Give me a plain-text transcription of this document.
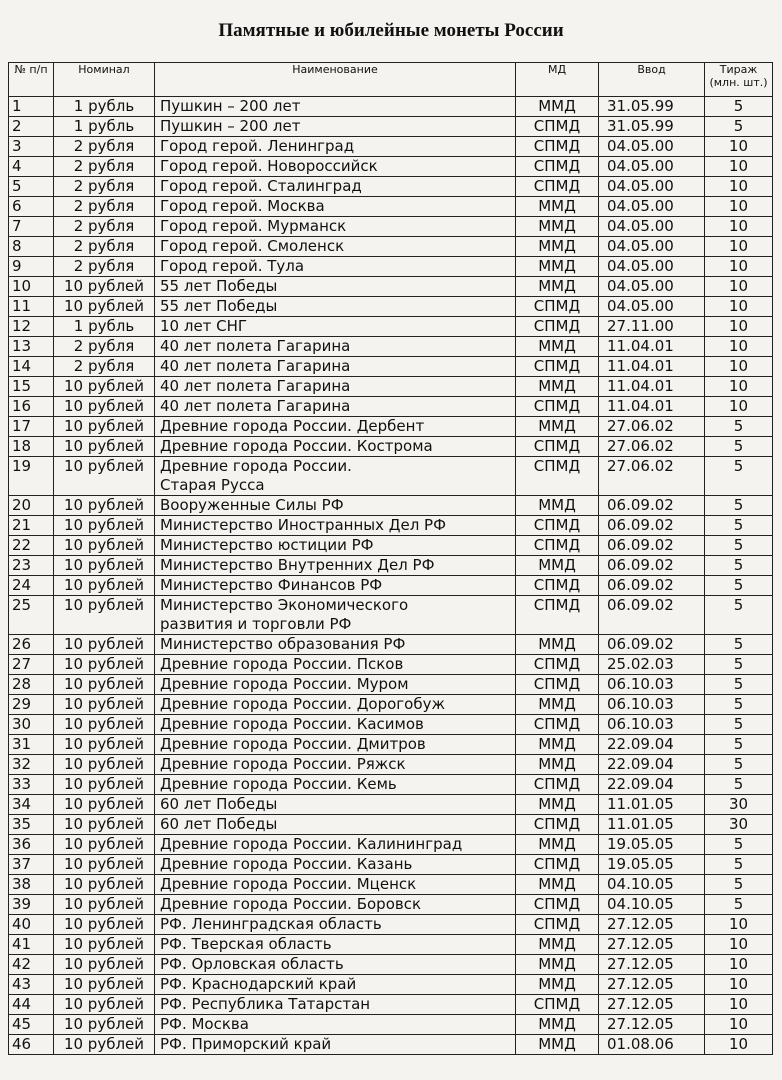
Памятные и юбилейные монеты России
№ п/п	Номинал	Наименование	МД	Ввод	Тираж (млн. шт.)
1	1 рубль	Пушкин – 200 лет	ММД	31.05.99	5
2	1 рубль	Пушкин – 200 лет	СПМД	31.05.99	5
3	2 рубля	Город герой. Ленинград	СПМД	04.05.00	10
4	2 рубля	Город герой. Новороссийск	СПМД	04.05.00	10
5	2 рубля	Город герой. Сталинград	СПМД	04.05.00	10
6	2 рубля	Город герой. Москва	ММД	04.05.00	10
7	2 рубля	Город герой. Мурманск	ММД	04.05.00	10
8	2 рубля	Город герой. Смоленск	ММД	04.05.00	10
9	2 рубля	Город герой. Тула	ММД	04.05.00	10
10	10 рублей	55 лет Победы	ММД	04.05.00	10
11	10 рублей	55 лет Победы	СПМД	04.05.00	10
12	1 рубль	10 лет СНГ	СПМД	27.11.00	10
13	2 рубля	40 лет полета Гагарина	ММД	11.04.01	10
14	2 рубля	40 лет полета Гагарина	СПМД	11.04.01	10
15	10 рублей	40 лет полета Гагарина	ММД	11.04.01	10
16	10 рублей	40 лет полета Гагарина	СПМД	11.04.01	10
17	10 рублей	Древние города России. Дербент	ММД	27.06.02	5
18	10 рублей	Древние города России. Кострома	СПМД	27.06.02	5
19	10 рублей	Древние города России.
Старая Русса	СПМД	27.06.02	5
20	10 рублей	Вооруженные Силы РФ	ММД	06.09.02	5
21	10 рублей	Министерство Иностранных Дел РФ	СПМД	06.09.02	5
22	10 рублей	Министерство юстиции РФ	СПМД	06.09.02	5
23	10 рублей	Министерство Внутренних Дел РФ	ММД	06.09.02	5
24	10 рублей	Министерство Финансов РФ	СПМД	06.09.02	5
25	10 рублей	Министерство Экономического
развития и торговли РФ	СПМД	06.09.02	5
26	10 рублей	Министерство образования РФ	ММД	06.09.02	5
27	10 рублей	Древние города России. Псков	СПМД	25.02.03	5
28	10 рублей	Древние города России. Муром	СПМД	06.10.03	5
29	10 рублей	Древние города России. Дорогобуж	ММД	06.10.03	5
30	10 рублей	Древние города России. Касимов	СПМД	06.10.03	5
31	10 рублей	Древние города России. Дмитров	ММД	22.09.04	5
32	10 рублей	Древние города России. Ряжск	ММД	22.09.04	5
33	10 рублей	Древние города России. Кемь	СПМД	22.09.04	5
34	10 рублей	60 лет Победы	ММД	11.01.05	30
35	10 рублей	60 лет Победы	СПМД	11.01.05	30
36	10 рублей	Древние города России. Калининград	ММД	19.05.05	5
37	10 рублей	Древние города России. Казань	СПМД	19.05.05	5
38	10 рублей	Древние города России. Мценск	ММД	04.10.05	5
39	10 рублей	Древние города России. Боровск	СПМД	04.10.05	5
40	10 рублей	РФ. Ленинградская область	СПМД	27.12.05	10
41	10 рублей	РФ. Тверская область	ММД	27.12.05	10
42	10 рублей	РФ. Орловская область	ММД	27.12.05	10
43	10 рублей	РФ. Краснодарский край	ММД	27.12.05	10
44	10 рублей	РФ. Республика Татарстан	СПМД	27.12.05	10
45	10 рублей	РФ. Москва	ММД	27.12.05	10
46	10 рублей	РФ. Приморский край	ММД	01.08.06	10
